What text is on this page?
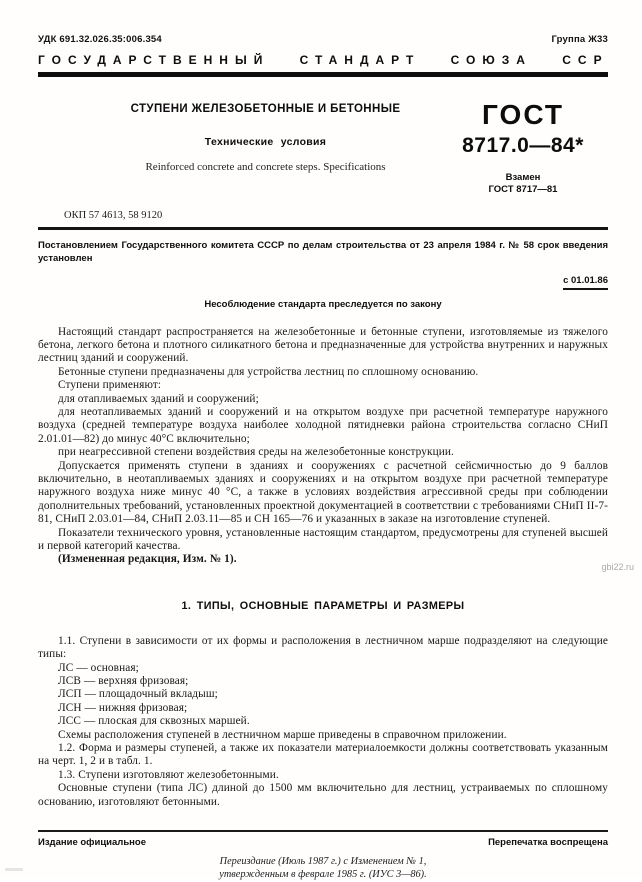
УДК 691.32.026.35:006.354	Группа Ж33
ГОСУДАРСТВЕННЫЙ СТАНДАРТ СОЮЗА ССР
СТУПЕНИ ЖЕЛЕЗОБЕТОННЫЕ И БЕТОННЫЕ
Технические условия
Reinforced concrete and concrete steps. Specifications
ГОСТ
8717.0—84*
Взамен
ГОСТ 8717—81
ОКП 57 4613, 58 9120
Постановлением Государственного комитета СССР по делам строительства от 23 апреля 1984 г. № 58 срок введения установлен
с 01.01.86
Несоблюдение стандарта преследуется по закону

Настоящий стандарт распространяется на железобетонные и бетонные ступени, изготовляемые из тяжелого бетона, легкого бетона и плотного силикатного бетона и предназначенные для устройства внутренних и наружных лестниц зданий и сооружений.

Бетонные ступени предназначены для устройства лестниц по сплошному основанию.

Ступени применяют:

для отапливаемых зданий и сооружений;

для неотапливаемых зданий и сооружений и на открытом воздухе при расчетной температуре наружного воздуха (средней температуре воздуха наиболее холодной пятидневки района строительства согласно СНиП 2.01.01—82) до минус 40°С включительно;

при неагрессивной степени воздействия среды на железобетонные конструкции.

Допускается применять ступени в зданиях и сооружениях с расчетной сейсмичностью до 9 баллов включительно, в неотапливаемых зданиях и сооружениях и на открытом воздухе при расчетной температуре наружного воздуха ниже минус 40 °С, а также в условиях воздействия агрессивной среды при соблюдении дополнительных требований, установленных проектной документацией в соответствии с требованиями СНиП II-7-81, СНиП 2.03.01—84, СНиП 2.03.11—85 и СН 165—76 и указанных в заказе на изготовление ступеней.

Показатели технического уровня, установленные настоящим стандартом, предусмотрены для ступеней высшей и первой категорий качества.

(Измененная редакция, Изм. № 1).

1. ТИПЫ, ОСНОВНЫЕ ПАРАМЕТРЫ И РАЗМЕРЫ

1.1. Ступени в зависимости от их формы и расположения в лестничном марше подразделяют на следующие типы:

ЛС — основная;

ЛСВ — верхняя фризовая;

ЛСП — площадочный вкладыш;

ЛСН — нижняя фризовая;

ЛСС — плоская для сквозных маршей.

Схемы расположения ступеней в лестничном марше приведены в справочном приложении.

1.2. Форма и размеры ступеней, а также их показатели материалоемкости должны соответствовать указанным на черт. 1, 2 и в табл. 1.

1.3. Ступени изготовляют железобетонными.

Основные ступени (типа ЛС) длиной до 1500 мм включительно для лестниц, устраиваемых по сплошному основанию, изготовляют бетонными.

Издание официальное	Перепечатка воспрещена
Переиздание (Июль 1987 г.) с Изменением № 1,
утвержденным в феврале 1985 г. (ИУС 3—86).
gbi22.ru
